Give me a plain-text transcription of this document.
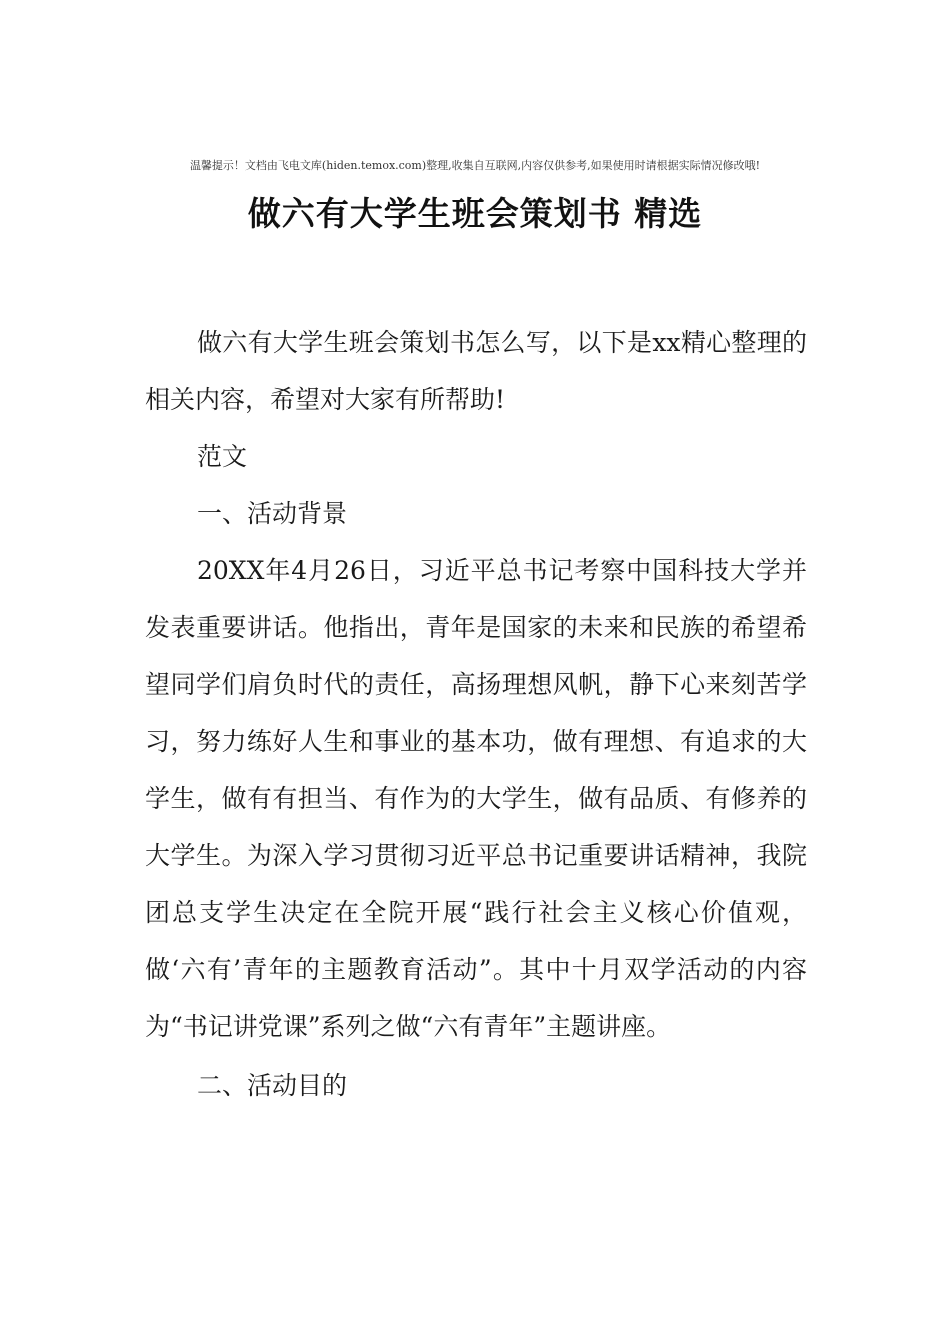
温馨提示！文档由飞电文库(hiden.temox.com)整理,收集自互联网,内容仅供参考,如果使用时请根据实际情况修改哦!
做六有大学生班会策划书 精选

做六有大学生班会策划书怎么写，以下是xx精心整理的相关内容，希望对大家有所帮助!

范文

一、活动背景

20XX年4月26日，习近平总书记考察中国科技大学并发表重要讲话。他指出，青年是国家的未来和民族的希望希望同学们肩负时代的责任，高扬理想风帆，静下心来刻苦学习，努力练好人生和事业的基本功，做有理想、有追求的大学生，做有有担当、有作为的大学生，做有品质、有修养的大学生。为深入学习贯彻习近平总书记重要讲话精神，我院团总支学生决定在全院开展“践行社会主义核心价值观，做‘六有’青年的主题教育活动”。其中十月双学活动的内容为“书记讲党课”系列之做“六有青年”主题讲座。

二、活动目的
